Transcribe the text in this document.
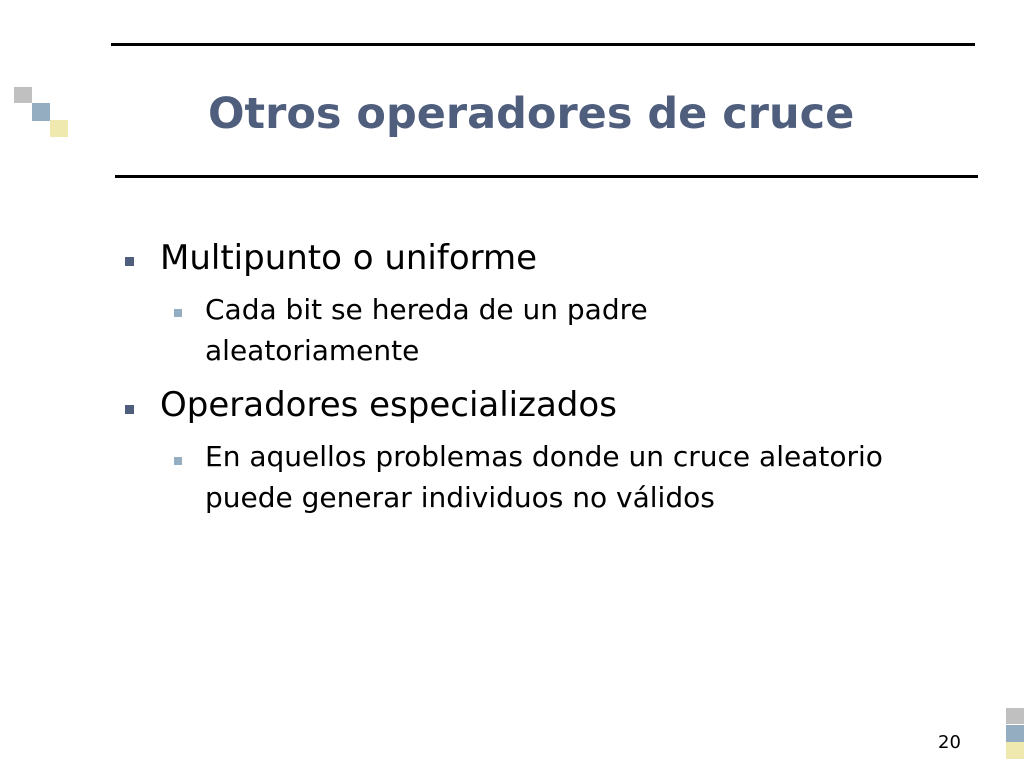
Otros operadores de cruce
Multipunto o uniforme
Cada bit se hereda de un padre aleatoriamente
Operadores especializados
En aquellos problemas donde un cruce aleatorio puede generar individuos no válidos
20
